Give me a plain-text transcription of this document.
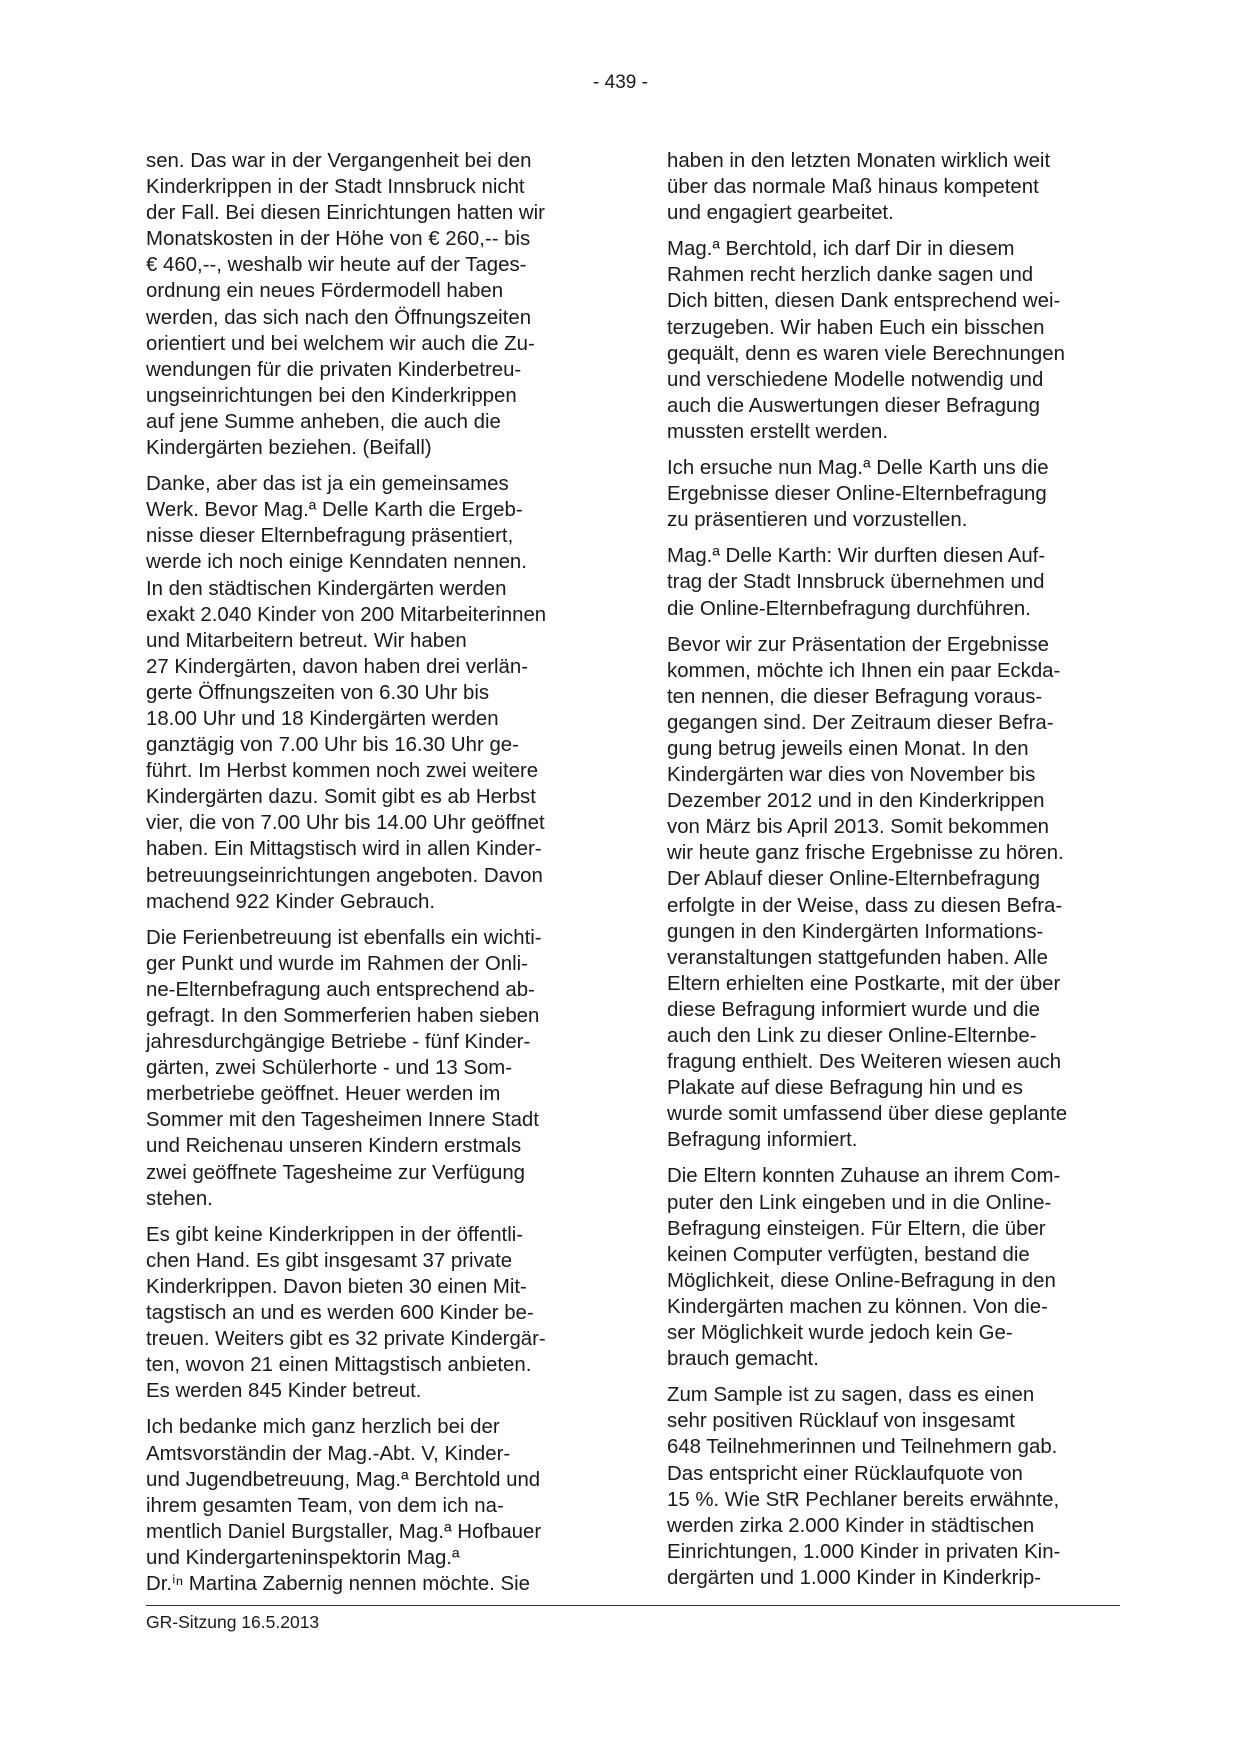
- 439 -

sen. Das war in der Vergangenheit bei den
Kinderkrippen in der Stadt Innsbruck nicht
der Fall. Bei diesen Einrichtungen hatten wir
Monatskosten in der Höhe von € 260,-- bis
€ 460,--, weshalb wir heute auf der Tages-
ordnung ein neues Fördermodell haben
werden, das sich nach den Öffnungszeiten
orientiert und bei welchem wir auch die Zu-
wendungen für die privaten Kinderbetreu-
ungseinrichtungen bei den Kinderkrippen
auf jene Summe anheben, die auch die
Kindergärten beziehen. (Beifall)

Danke, aber das ist ja ein gemeinsames
Werk. Bevor Mag.ª Delle Karth die Ergeb-
nisse dieser Elternbefragung präsentiert,
werde ich noch einige Kenndaten nennen.
In den städtischen Kindergärten werden
exakt 2.040 Kinder von 200 Mitarbeiterinnen
und Mitarbeitern betreut. Wir haben
27 Kindergärten, davon haben drei verlän-
gerte Öffnungszeiten von 6.30 Uhr bis
18.00 Uhr und 18 Kindergärten werden
ganztägig von 7.00 Uhr bis 16.30 Uhr ge-
führt. Im Herbst kommen noch zwei weitere
Kindergärten dazu. Somit gibt es ab Herbst
vier, die von 7.00 Uhr bis 14.00 Uhr geöffnet
haben. Ein Mittagstisch wird in allen Kinder-
betreuungseinrichtungen angeboten. Davon
machend 922 Kinder Gebrauch.

Die Ferienbetreuung ist ebenfalls ein wichti-
ger Punkt und wurde im Rahmen der Onli-
ne-Elternbefragung auch entsprechend ab-
gefragt. In den Sommerferien haben sieben
jahresdurchgängige Betriebe - fünf Kinder-
gärten, zwei Schülerhorte - und 13 Som-
merbetriebe geöffnet. Heuer werden im
Sommer mit den Tagesheimen Innere Stadt
und Reichenau unseren Kindern erstmals
zwei geöffnete Tagesheime zur Verfügung
stehen.

Es gibt keine Kinderkrippen in der öffentli-
chen Hand. Es gibt insgesamt 37 private
Kinderkrippen. Davon bieten 30 einen Mit-
tagstisch an und es werden 600 Kinder be-
treuen. Weiters gibt es 32 private Kindergär-
ten, wovon 21 einen Mittagstisch anbieten.
Es werden 845 Kinder betreut.

Ich bedanke mich ganz herzlich bei der
Amtsvorständin der Mag.-Abt. V, Kinder-
und Jugendbetreuung, Mag.ª Berchtold und
ihrem gesamten Team, von dem ich na-
mentlich Daniel Burgstaller, Mag.ª Hofbauer
und Kindergarteninspektorin Mag.ª
Dr.ⁱⁿ Martina Zabernig nennen möchte. Sie

haben in den letzten Monaten wirklich weit
über das normale Maß hinaus kompetent
und engagiert gearbeitet.

Mag.ª Berchtold, ich darf Dir in diesem
Rahmen recht herzlich danke sagen und
Dich bitten, diesen Dank entsprechend wei-
terzugeben. Wir haben Euch ein bisschen
gequält, denn es waren viele Berechnungen
und verschiedene Modelle notwendig und
auch die Auswertungen dieser Befragung
mussten erstellt werden.

Ich ersuche nun Mag.ª Delle Karth uns die
Ergebnisse dieser Online-Elternbefragung
zu präsentieren und vorzustellen.

Mag.ª Delle Karth: Wir durften diesen Auf-
trag der Stadt Innsbruck übernehmen und
die Online-Elternbefragung durchführen.

Bevor wir zur Präsentation der Ergebnisse
kommen, möchte ich Ihnen ein paar Eckda-
ten nennen, die dieser Befragung voraus-
gegangen sind. Der Zeitraum dieser Befra-
gung betrug jeweils einen Monat. In den
Kindergärten war dies von November bis
Dezember 2012 und in den Kinderkrippen
von März bis April 2013. Somit bekommen
wir heute ganz frische Ergebnisse zu hören.
Der Ablauf dieser Online-Elternbefragung
erfolgte in der Weise, dass zu diesen Befra-
gungen in den Kindergärten Informations-
veranstaltungen stattgefunden haben. Alle
Eltern erhielten eine Postkarte, mit der über
diese Befragung informiert wurde und die
auch den Link zu dieser Online-Elternbe-
fragung enthielt. Des Weiteren wiesen auch
Plakate auf diese Befragung hin und es
wurde somit umfassend über diese geplante
Befragung informiert.

Die Eltern konnten Zuhause an ihrem Com-
puter den Link eingeben und in die Online-
Befragung einsteigen. Für Eltern, die über
keinen Computer verfügten, bestand die
Möglichkeit, diese Online-Befragung in den
Kindergärten machen zu können. Von die-
ser Möglichkeit wurde jedoch kein Ge-
brauch gemacht.

Zum Sample ist zu sagen, dass es einen
sehr positiven Rücklauf von insgesamt
648 Teilnehmerinnen und Teilnehmern gab.
Das entspricht einer Rücklaufquote von
15 %. Wie StR Pechlaner bereits erwähnte,
werden zirka 2.000 Kinder in städtischen
Einrichtungen, 1.000 Kinder in privaten Kin-
dergärten und 1.000 Kinder in Kinderkrip-

GR-Sitzung 16.5.2013
